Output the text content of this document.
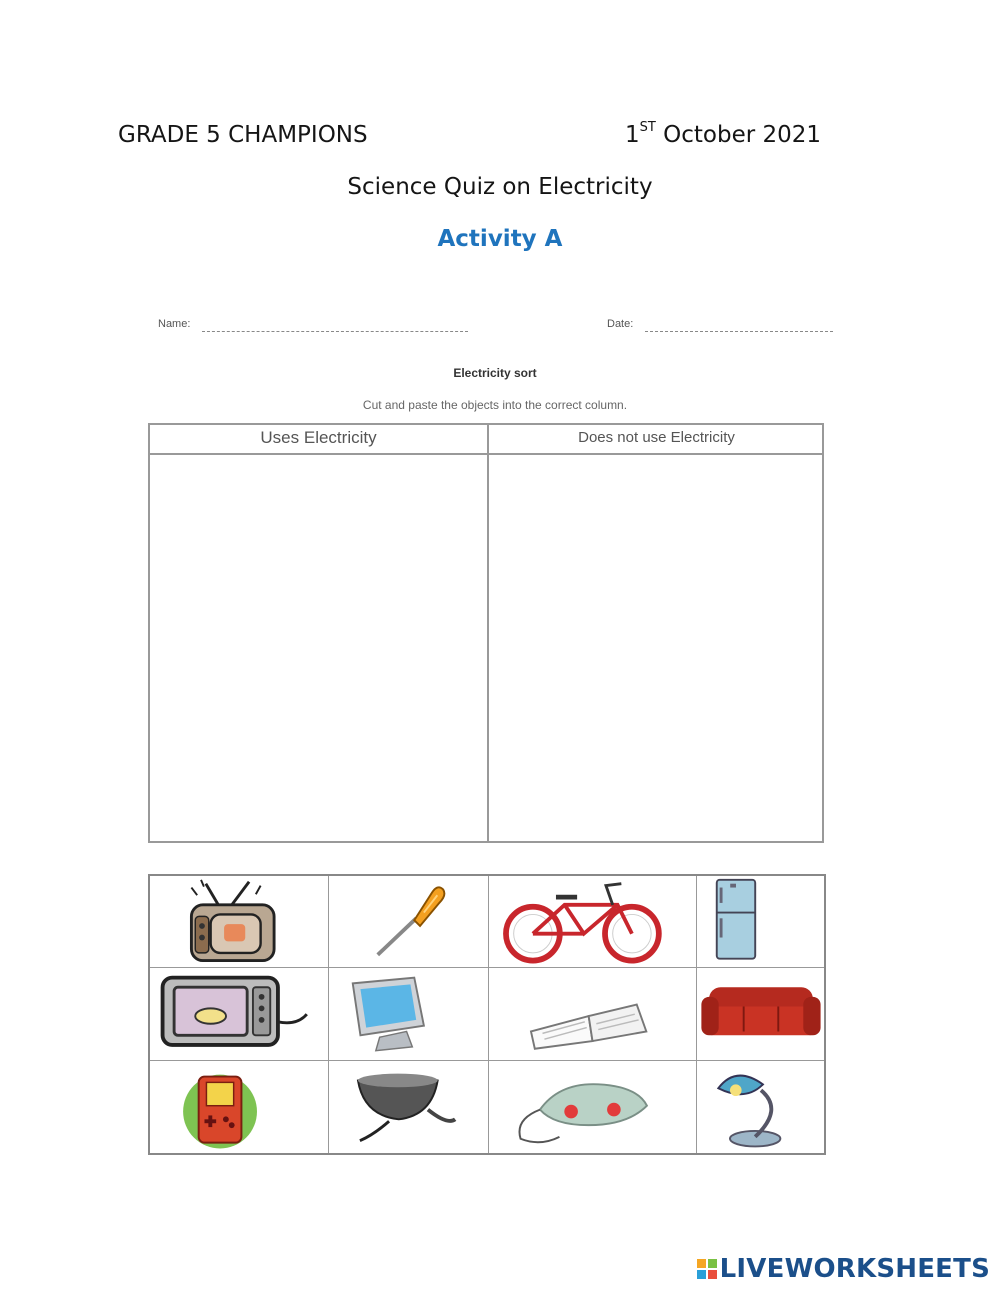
GRADE 5 CHAMPIONS	1ST October 2021
Science Quiz on Electricity
Activity A
Name:	Date:
Electricity sort
Cut and paste the objects into the correct column.
Uses Electricity	Does not use Electricity
LIVEWORKSHEETS
